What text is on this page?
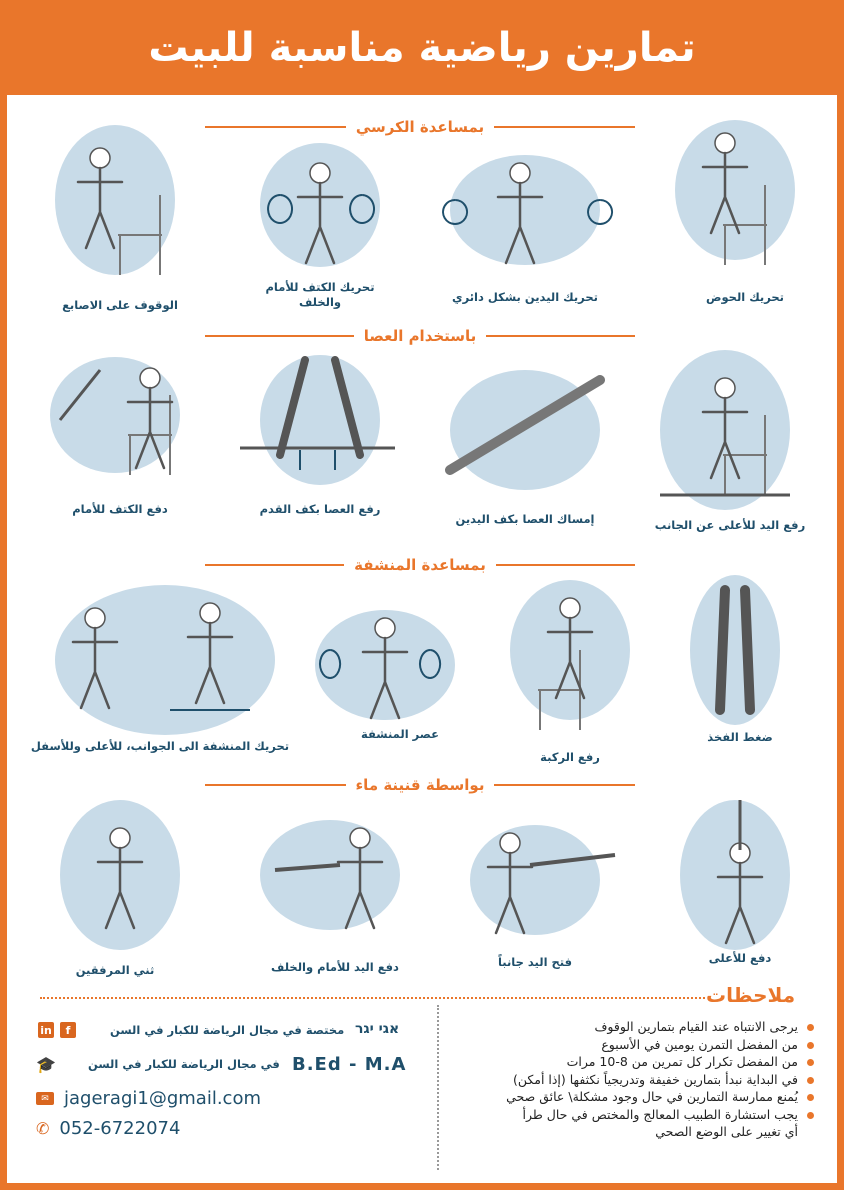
تمارين رياضية مناسبة للبيت
بمساعدة الكرسي
باستخدام العصا
بمساعدة المنشفة
بواسطة قنينة ماء
تحريك الحوض
تحريك اليدين بشكل دائري
تحريك الكتف للأمام والخلف
الوقوف على الاصابع
رفع اليد للأعلى عن الجانب
إمساك العصا بكف اليدين
رفع العصا بكف القدم
دفع الكتف للأمام
ضغط الفخذ
رفع الركبة
عصر المنشفة
تحريك المنشفة الى الجوانب، للأعلى وللأسفل
دفع للأعلى
فتح اليد جانباً
دفع اليد للأمام والخلف
ثني المرفقين
ملاحظات
يرجى الانتباه عند القيام بتمارين الوقوف
من المفضل التمرن يومين في الأسبوع
من المفضل تكرار كل تمرين من 8-10 مرات
في البداية نبدأ بتمارين خفيفة وتدريجياً نكثفها (إذا أمكن)
يُمنع ممارسة التمارين في حال وجود مشكلة\ عائق صحي
يجب استشارة الطبيب المعالج والمختص في حال طرأ
أي تغيير على الوضع الصحي
in	f	مختصة في مجال الرياضة للكبار في السن אגי יגר
🎓	في مجال الرياضة للكبار في السن B.Ed - M.A
✉ jageragi1@gmail.com
✆ 052-6722074
